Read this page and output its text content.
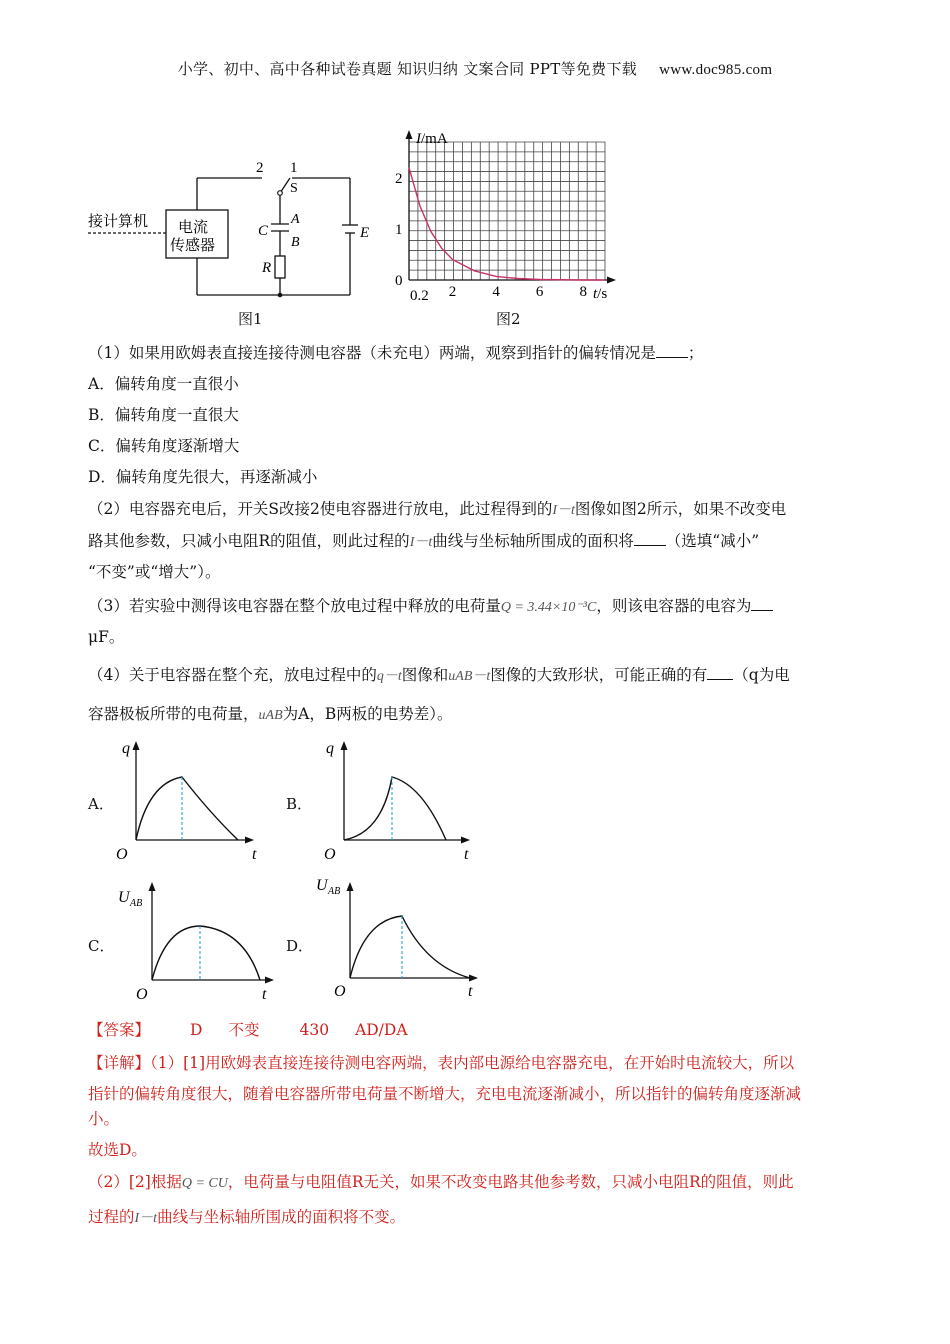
小学、初中、高中各种试卷真题 知识归纳 文案合同 PPT等免费下载 www.doc985.com
接计算机 电流
传感器
2 1
S
C
A
B
R
E
图1
I/mA
2
1
0
0.2 2 4 6 8 t/s
图2
（1）如果用欧姆表直接连接待测电容器（未充电）两端，观察到指针的偏转情况是 ；
A．偏转角度一直很小
B．偏转角度一直很大
C．偏转角度逐渐增大
D．偏转角度先很大，再逐渐减小
（2）电容器充电后，开关S改接2使电容器进行放电，此过程得到的I－t图像如图2所示，如果不改变电
路其他参数，只减小电阻R的阻值，则此过程的I－t曲线与坐标轴所围成的面积将 （选填“减小”
“不变”或“增大”）。
（3）若实验中测得该电容器在整个放电过程中释放的电荷量Q = 3.44×10⁻³C，则该电容器的电容为
μF。
（4）关于电容器在整个充，放电过程中的q－t图像和uAB－t图像的大致形状，可能正确的有 （q为电
容器极板所带的电荷量，uAB为A，B两板的电势差）。
A．
q
O	t
B．
q
O	t
C．
U AB
O	t
D．
U AB
O	t
【答案】	D 不变	430 AD/DA
【详解】（1）[1]用欧姆表直接连接待测电容两端，表内部电源给电容器充电，在开始时电流较大，所以
指针的偏转角度很大，随着电容器所带电荷量不断增大，充电电流逐渐减小，所以指针的偏转角度逐渐减
小。
故选D。
（2）[2]根据Q = CU，电荷量与电阻值R无关，如果不改变电路其他参考数，只减小电阻R的阻值，则此
过程的I－t曲线与坐标轴所围成的面积将不变。
